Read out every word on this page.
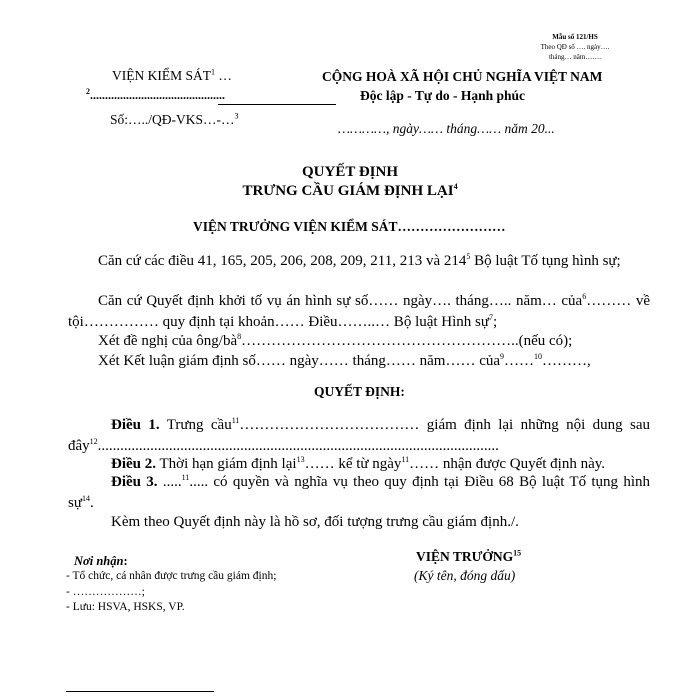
Mẫu số 121/HS
Theo QĐ số …. ngày….
tháng… năm…….
VIỆN KIỂM SÁT$^1$ …
$^2$.............................................
Số:…../QĐ-VKS…-…$^3$
CỘNG HOÀ XÃ HỘI CHỦ NGHĨA VIỆT NAM
Độc lập - Tự do - Hạnh phúc
…………, ngày…… tháng…… năm 20...
QUYẾT ĐỊNH
TRƯNG CẦU GIÁM ĐỊNH LẠI$^4$
VIỆN TRƯỞNG VIỆN KIỂM SÁT……………………
Căn cứ các điều 41, 165, 205, 206, 208, 209, 211, 213 và $214^5$ Bộ luật Tố tụng hình sự;
Căn cứ Quyết định khởi tố vụ án hình sự số…… ngày…. tháng….. năm… của$^6$……… về tội…………… quy định tại khoản…… Điều……..… Bộ luật Hình sự$^7$;
Xét đề nghị của ông/$bà^8\dots\dots\dots\dots\dots\dots\dots\dots\dots\dots\dots\dots\dots\dots\dots\dots\dots\dots..(nếu$ có);
Xét Kết luận giám định số…… ngày…… tháng…… năm…… của$^9$……$^{10}$………,
QUYẾT ĐỊNH:
Điều 1. Trưng cầu$^{11}$……………………………… giám định lại những nội dung sau đây$^{12}$...........................................................................................................
Điều 2. Thời hạn giám định lại$^{13}$…… kể từ ngày$^{11}$…… nhận được Quyết định này.
Điều 3. .....$^{11}$..... có quyền và nghĩa vụ theo quy định tại Điều 68 Bộ luật Tố tụng hình sự$^{14}$.
Kèm theo Quyết định này là hồ sơ, đối tượng trưng cầu giám định./.
Nơi nhận:
- Tổ chức, cá nhân được trưng cầu giám định;
- ………………;
- Lưu: HSVA, HSKS, VP.
VIỆN TRƯỞNG$^{15}$
(Ký tên, đóng dấu)
